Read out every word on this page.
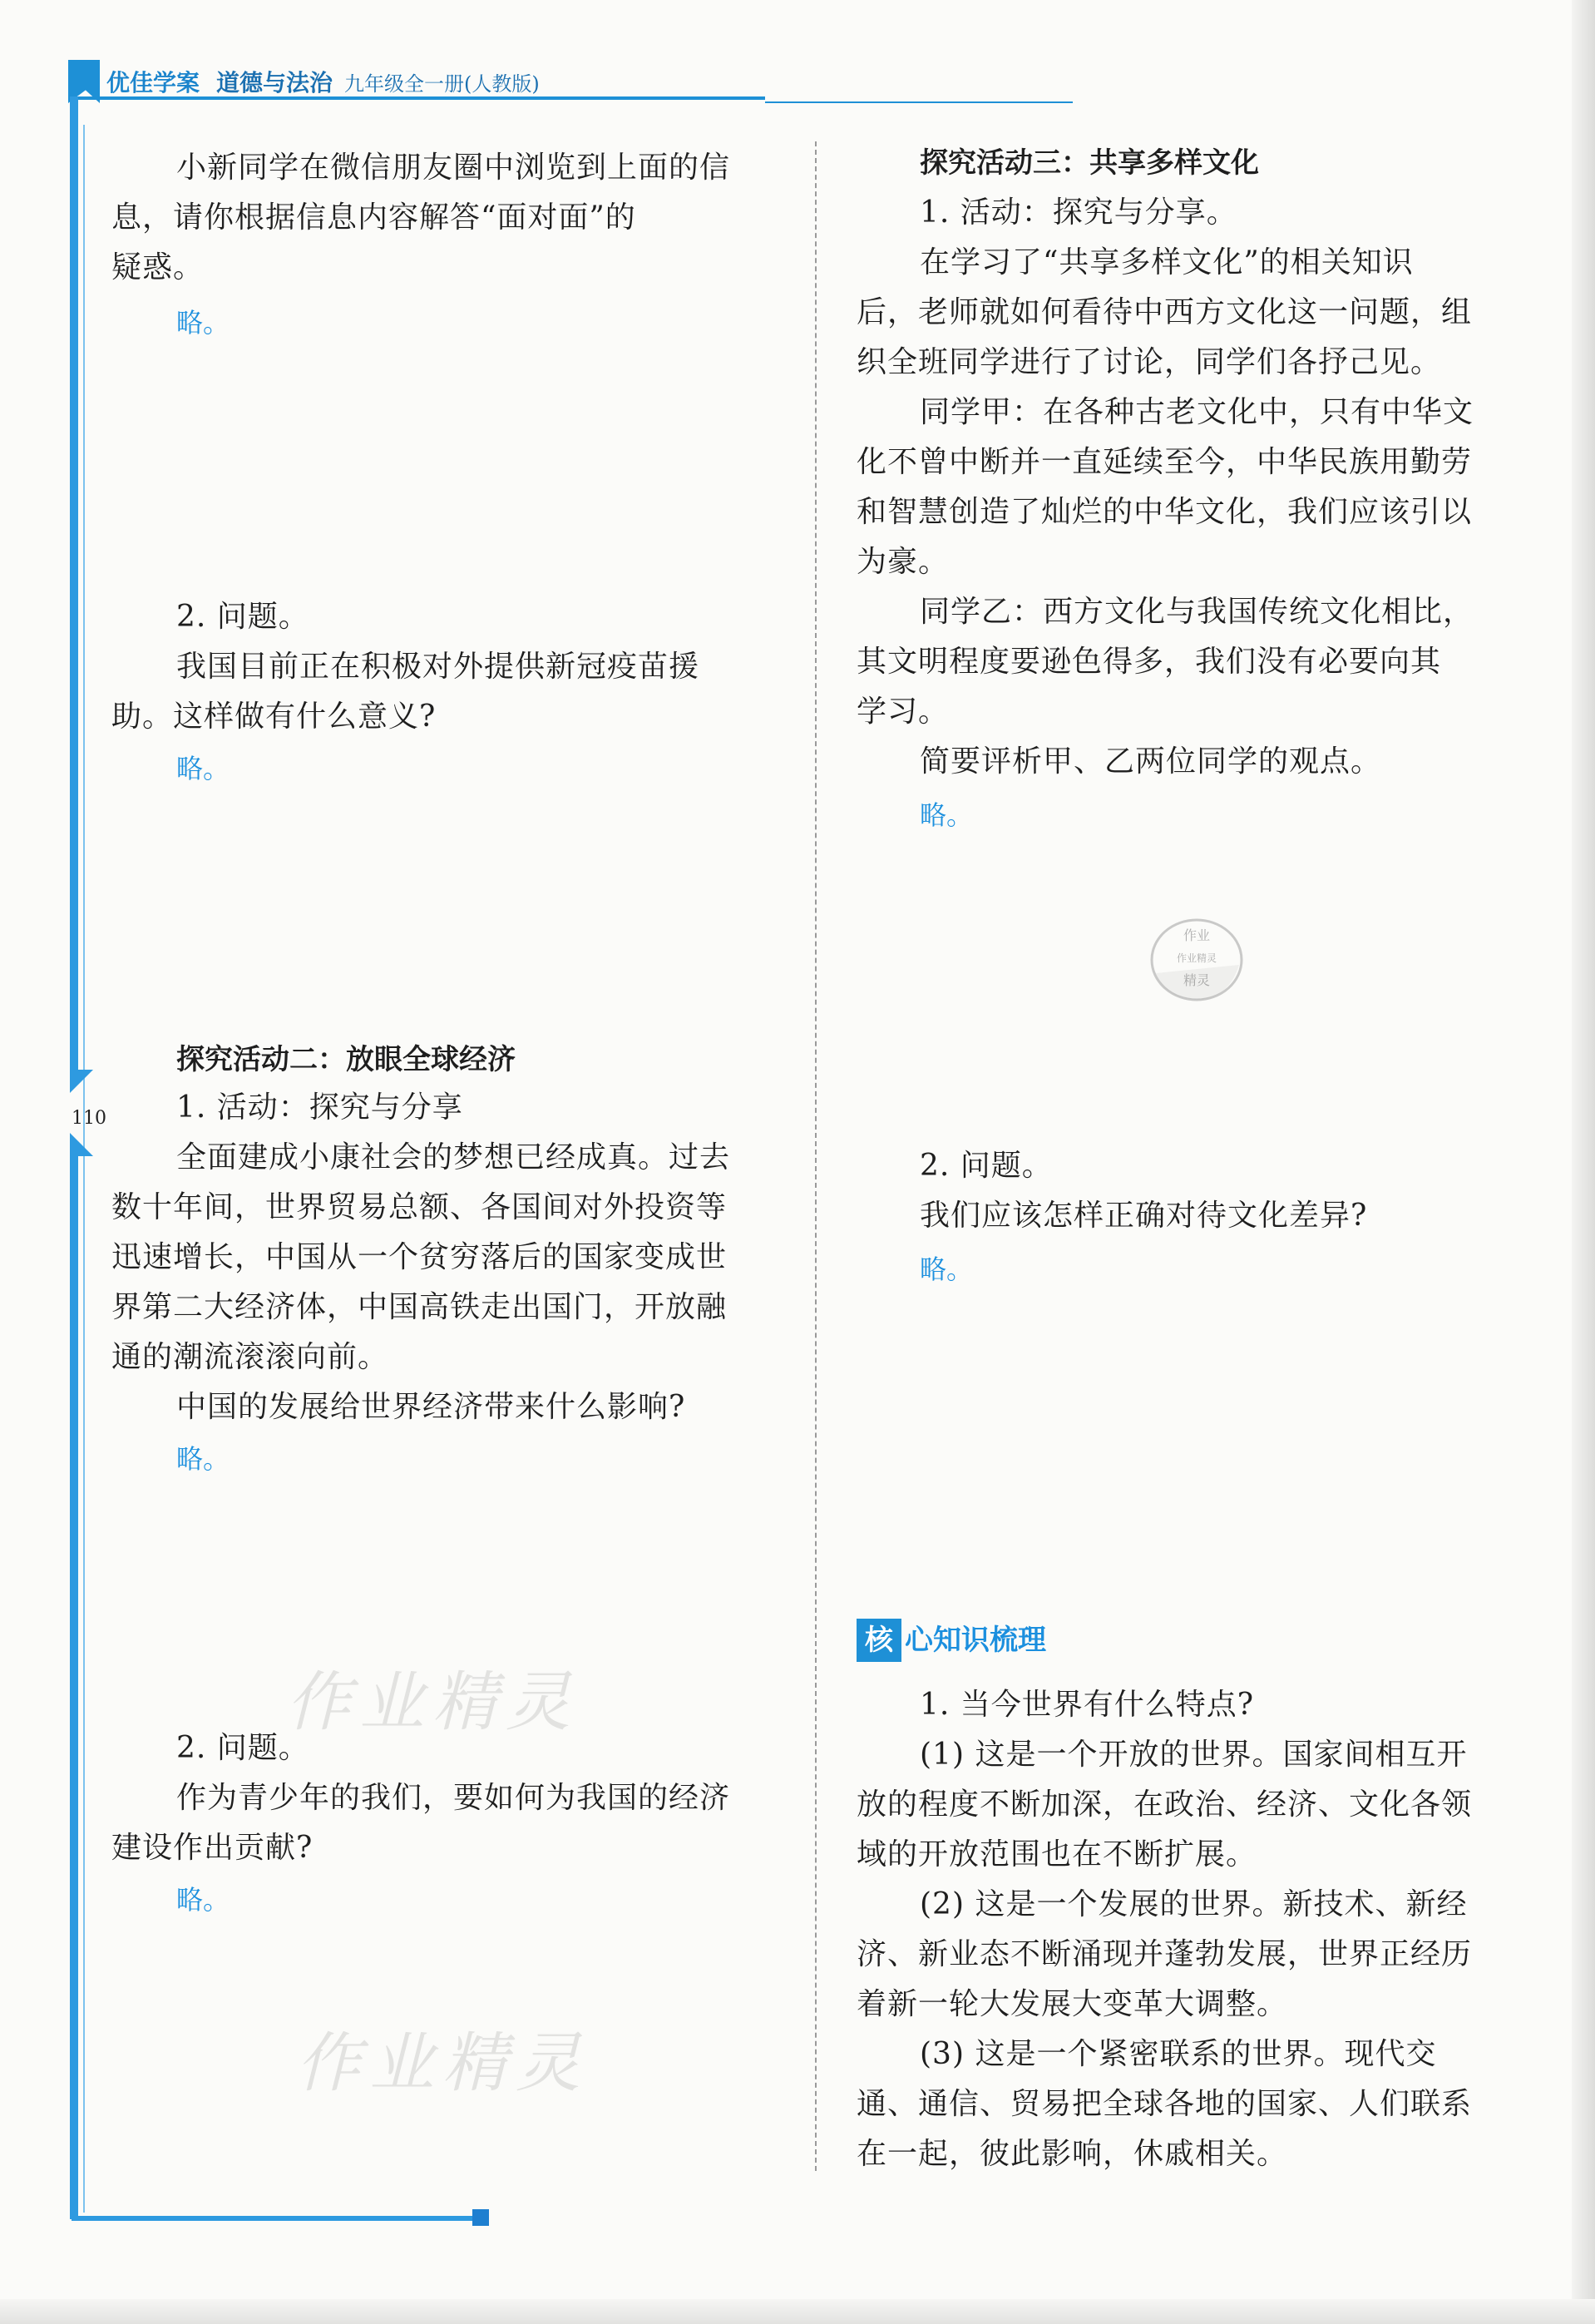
优佳学案 道德与法治 九年级全一册(人教版)
110
小新同学在微信朋友圈中浏览到上面的信
息，请你根据信息内容解答“面对面”的
疑惑。
略。
2. 问题。
我国目前正在积极对外提供新冠疫苗援
助。这样做有什么意义?
略。
探究活动二：放眼全球经济
1. 活动：探究与分享
全面建成小康社会的梦想已经成真。过去
数十年间，世界贸易总额、各国间对外投资等
迅速增长，中国从一个贫穷落后的国家变成世
界第二大经济体，中国高铁走出国门，开放融
通的潮流滚滚向前。
中国的发展给世界经济带来什么影响?
略。
作业精灵
2. 问题。
作为青少年的我们，要如何为我国的经济
建设作出贡献?
略。
作业精灵
探究活动三：共享多样文化
1. 活动：探究与分享。
在学习了“共享多样文化”的相关知识
后，老师就如何看待中西方文化这一问题，组
织全班同学进行了讨论，同学们各抒己见。
同学甲：在各种古老文化中，只有中华文
化不曾中断并一直延续至今，中华民族用勤劳
和智慧创造了灿烂的中华文化，我们应该引以
为豪。
同学乙：西方文化与我国传统文化相比，
其文明程度要逊色得多，我们没有必要向其
学习。
简要评析甲、乙两位同学的观点。
略。
作业
作业精灵
精灵
2. 问题。
我们应该怎样正确对待文化差异?
略。
核 心知识梳理
1. 当今世界有什么特点?
(1) 这是一个开放的世界。国家间相互开
放的程度不断加深，在政治、经济、文化各领
域的开放范围也在不断扩展。
(2) 这是一个发展的世界。新技术、新经
济、新业态不断涌现并蓬勃发展，世界正经历
着新一轮大发展大变革大调整。
(3) 这是一个紧密联系的世界。现代交
通、通信、贸易把全球各地的国家、人们联系
在一起，彼此影响，休戚相关。
